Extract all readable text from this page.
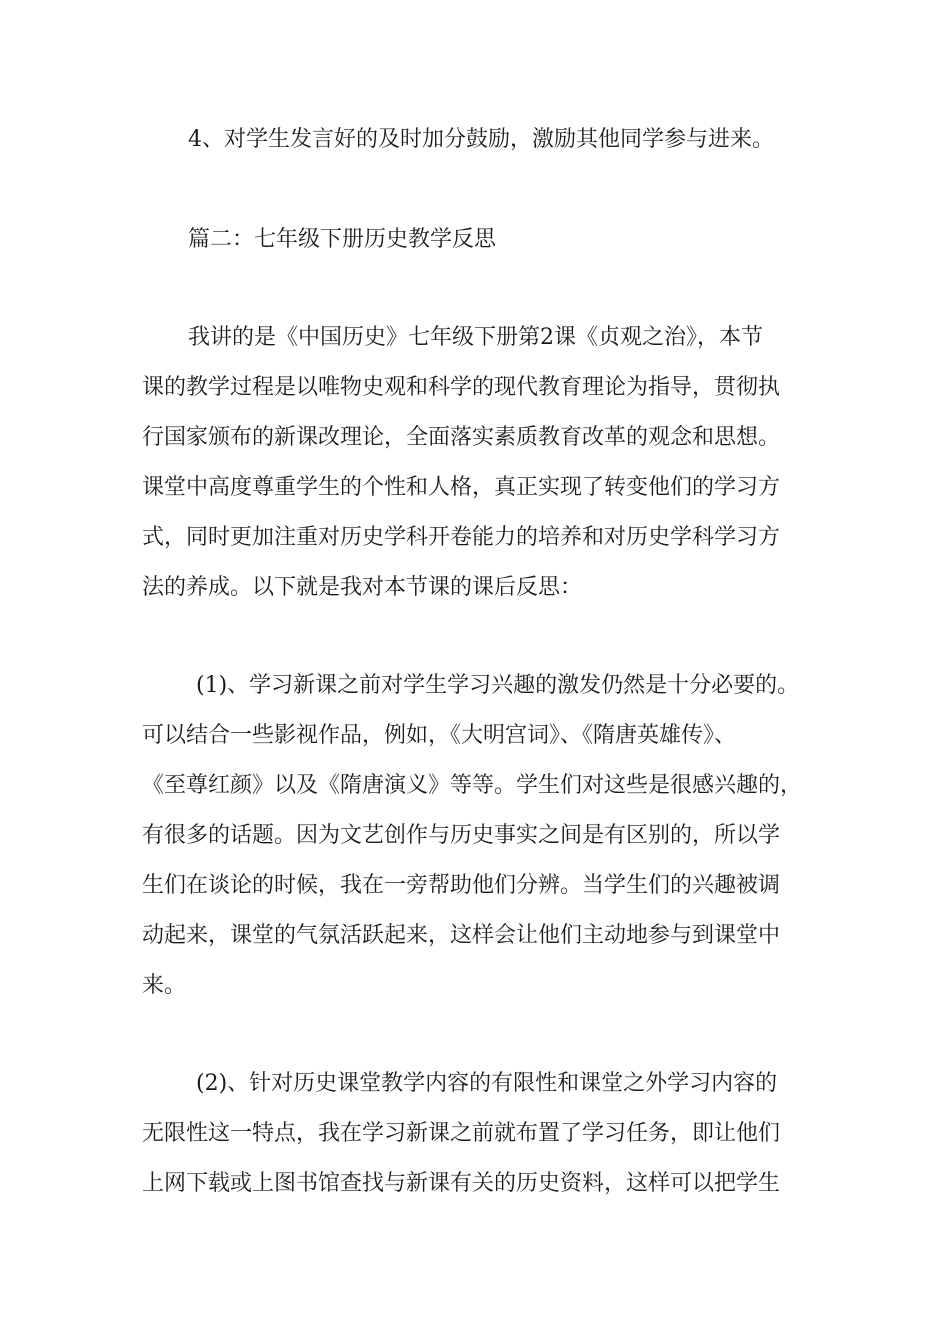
4、对学生发言好的及时加分鼓励，激励其他同学参与进来。
篇二：七年级下册历史教学反思
我讲的是《中国历史》七年级下册第2课《贞观之治》，本节
课的教学过程是以唯物史观和科学的现代教育理论为指导，贯彻执
行国家颁布的新课改理论，全面落实素质教育改革的观念和思想。
课堂中高度尊重学生的个性和人格，真正实现了转变他们的学习方
式，同时更加注重对历史学科开卷能力的培养和对历史学科学习方
法的养成。以下就是我对本节课的课后反思：
(1)、学习新课之前对学生学习兴趣的激发仍然是十分必要的。
可以结合一些影视作品，例如，《大明宫词》、《隋唐英雄传》、
《至尊红颜》以及《隋唐演义》等等。学生们对这些是很感兴趣的，
有很多的话题。因为文艺创作与历史事实之间是有区别的，所以学
生们在谈论的时候，我在一旁帮助他们分辨。当学生们的兴趣被调
动起来，课堂的气氛活跃起来，这样会让他们主动地参与到课堂中
来。
(2)、针对历史课堂教学内容的有限性和课堂之外学习内容的
无限性这一特点，我在学习新课之前就布置了学习任务，即让他们
上网下载或上图书馆查找与新课有关的历史资料，这样可以把学生
